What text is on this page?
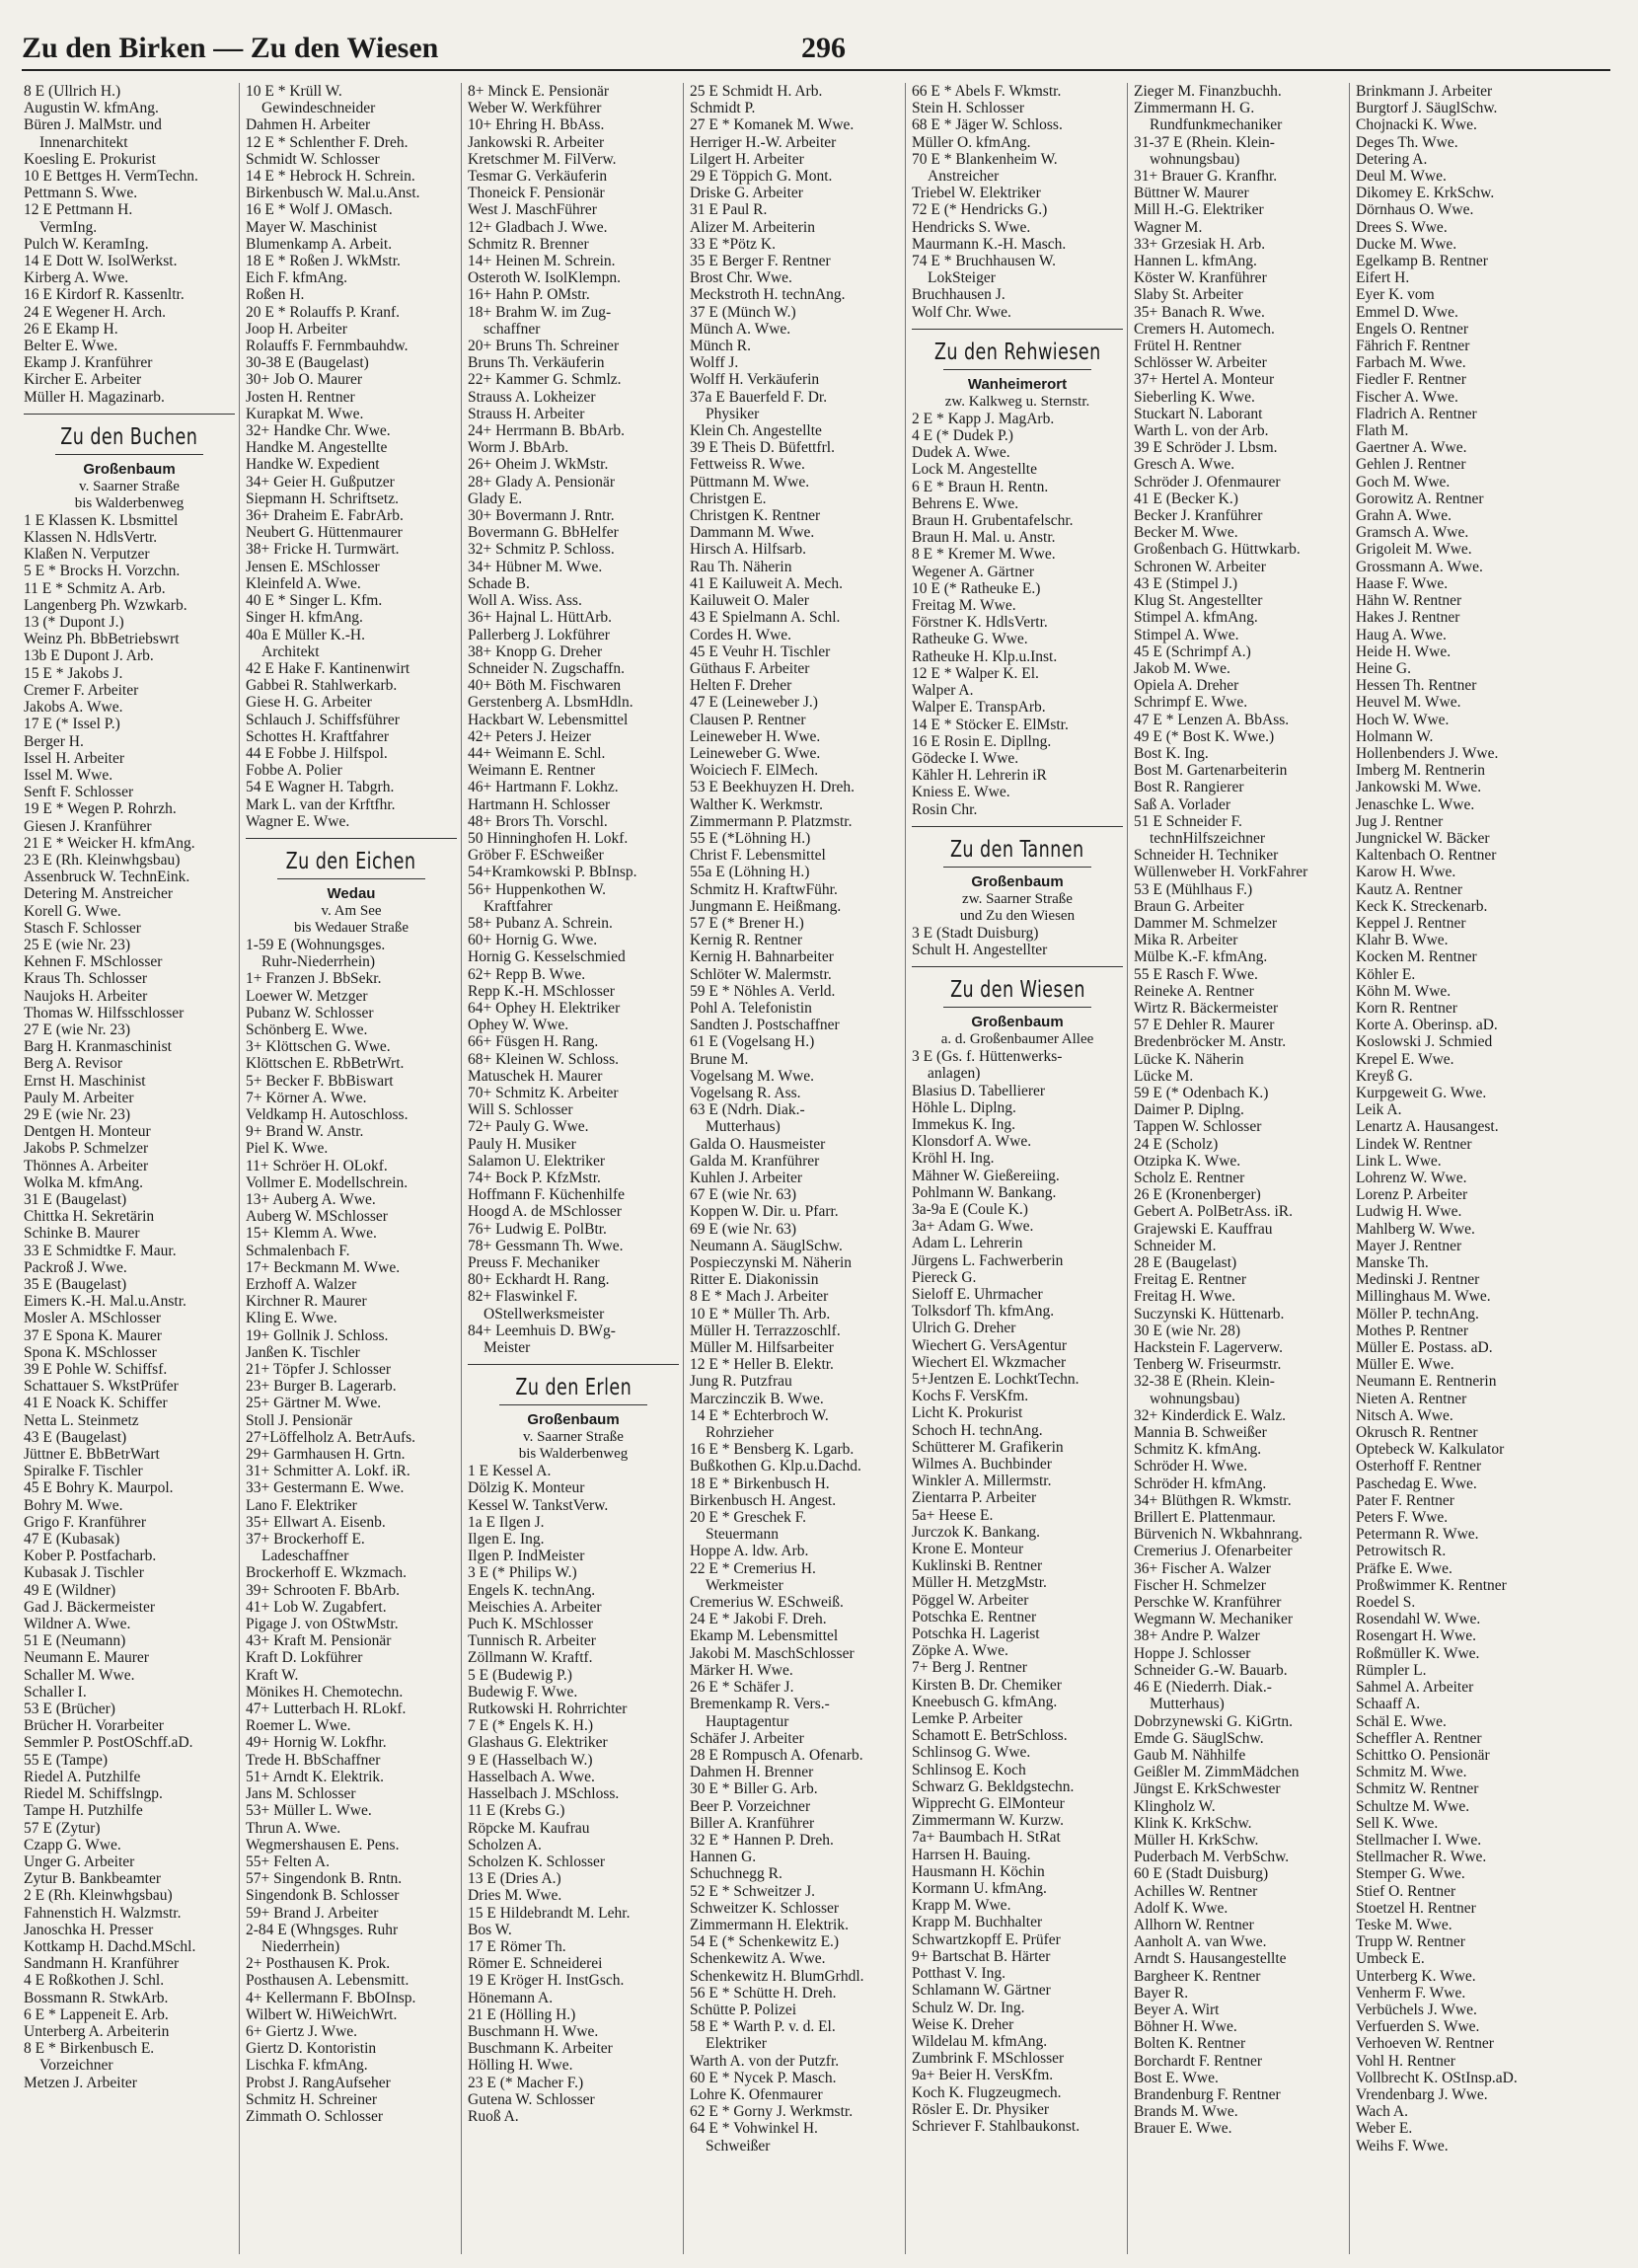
Zu den Birken — Zu den Wiesen	296
8 E (Ullrich H.)
Augustin W. kfmAng.
Büren J. MalMstr. und
Innenarchitekt
Koesling E. Prokurist
10 E Bettges H. VermTechn.
Pettmann S. Wwe.
12 E Pettmann H.
VermIng.
Pulch W. KeramIng.
14 E Dott W. IsolWerkst.
Kirberg A. Wwe.
16 E Kirdorf R. Kassenltr.
24 E Wegener H. Arch.
26 E Ekamp H.
Belter E. Wwe.
Ekamp J. Kranführer
Kircher E. Arbeiter
Müller H. Magazinarb.
Zu den Buchen
Großenbaum
v. Saarner Straße
bis Walderbenweg
1 E Klassen K. Lbsmittel
Klassen N. HdlsVertr.
Klaßen N. Verputzer
5 E * Brocks H. Vorzchn.
11 E * Schmitz A. Arb.
Langenberg Ph. Wzwkarb.
13 (* Dupont J.)
Weinz Ph. BbBetriebswrt
13b E Dupont J. Arb.
15 E * Jakobs J.
Cremer F. Arbeiter
Jakobs A. Wwe.
17 E (* Issel P.)
Berger H.
Issel H. Arbeiter
Issel M. Wwe.
Senft F. Schlosser
19 E * Wegen P. Rohrzh.
Giesen J. Kranführer
21 E * Weicker H. kfmAng.
23 E (Rh. Kleinwhgsbau)
Assenbruck W. TechnEink.
Detering M. Anstreicher
Korell G. Wwe.
Stasch F. Schlosser
25 E (wie Nr. 23)
Kehnen F. MSchlosser
Kraus Th. Schlosser
Naujoks H. Arbeiter
Thomas W. Hilfsschlosser
27 E (wie Nr. 23)
Barg H. Kranmaschinist
Berg A. Revisor
Ernst H. Maschinist
Pauly M. Arbeiter
29 E (wie Nr. 23)
Dentgen H. Monteur
Jakobs P. Schmelzer
Thönnes A. Arbeiter
Wolka M. kfmAng.
31 E (Baugelast)
Chittka H. Sekretärin
Schinke B. Maurer
33 E Schmidtke F. Maur.
Packroß J. Wwe.
35 E (Baugelast)
Eimers K.-H. Mal.u.Anstr.
Mosler A. MSchlosser
37 E Spona K. Maurer
Spona K. MSchlosser
39 E Pohle W. Schiffsf.
Schattauer S. WkstPrüfer
41 E Noack K. Schiffer
Netta L. Steinmetz
43 E (Baugelast)
Jüttner E. BbBetrWart
Spiralke F. Tischler
45 E Bohry K. Maurpol.
Bohry M. Wwe.
Grigo F. Kranführer
47 E (Kubasak)
Kober P. Postfacharb.
Kubasak J. Tischler
49 E (Wildner)
Gad J. Bäckermeister
Wildner A. Wwe.
51 E (Neumann)
Neumann E. Maurer
Schaller M. Wwe.
Schaller I.
53 E (Brücher)
Brücher H. Vorarbeiter
Semmler P. PostOSchff.aD.
55 E (Tampe)
Riedel A. Putzhilfe
Riedel M. Schiffslngp.
Tampe H. Putzhilfe
57 E (Zytur)
Czapp G. Wwe.
Unger G. Arbeiter
Zytur B. Bankbeamter
2 E (Rh. Kleinwhgsbau)
Fahnenstich H. Walzmstr.
Janoschka H. Presser
Kottkamp H. Dachd.MSchl.
Sandmann H. Kranführer
4 E Roßkothen J. Schl.
Bossmann R. StwkArb.
6 E * Lappeneit E. Arb.
Unterberg A. Arbeiterin
8 E * Birkenbusch E.
Vorzeichner
Metzen J. Arbeiter
10 E * Krüll W.
Gewindeschneider
Dahmen H. Arbeiter
12 E * Schlenther F. Dreh.
Schmidt W. Schlosser
14 E * Hebrock H. Schrein.
Birkenbusch W. Mal.u.Anst.
16 E * Wolf J. OMasch.
Mayer W. Maschinist
Blumenkamp A. Arbeit.
18 E * Roßen J. WkMstr.
Eich F. kfmAng.
Roßen H.
20 E * Rolauffs P. Kranf.
Joop H. Arbeiter
Rolauffs F. Fernmbauhdw.
30-38 E (Baugelast)
30+ Job O. Maurer
Josten H. Rentner
Kurapkat M. Wwe.
32+ Handke Chr. Wwe.
Handke M. Angestellte
Handke W. Expedient
34+ Geier H. Gußputzer
Siepmann H. Schriftsetz.
36+ Draheim E. FabrArb.
Neubert G. Hüttenmaurer
38+ Fricke H. Turmwärt.
Jensen E. MSchlosser
Kleinfeld A. Wwe.
40 E * Singer L. Kfm.
Singer H. kfmAng.
40a E Müller K.-H.
Architekt
42 E Hake F. Kantinenwirt
Gabbei R. Stahlwerkarb.
Giese H. G. Arbeiter
Schlauch J. Schiffsführer
Schottes H. Kraftfahrer
44 E Fobbe J. Hilfspol.
Fobbe A. Polier
54 E Wagner H. Tabgrh.
Mark L. van der Krftfhr.
Wagner E. Wwe.
Zu den Eichen
Wedau
v. Am See
bis Wedauer Straße
1-59 E (Wohnungsges.
Ruhr-Niederrhein)
1+ Franzen J. BbSekr.
Loewer W. Metzger
Pubanz W. Schlosser
Schönberg E. Wwe.
3+ Klöttschen G. Wwe.
Klöttschen E. RbBetrWrt.
5+ Becker F. BbBiswart
7+ Körner A. Wwe.
Veldkamp H. Autoschloss.
9+ Brand W. Anstr.
Piel K. Wwe.
11+ Schröer H. OLokf.
Vollmer E. Modellschrein.
13+ Auberg A. Wwe.
Auberg W. MSchlosser
15+ Klemm A. Wwe.
Schmalenbach F.
17+ Beckmann M. Wwe.
Erzhoff A. Walzer
Kirchner R. Maurer
Kling E. Wwe.
19+ Gollnik J. Schloss.
Janßen K. Tischler
21+ Töpfer J. Schlosser
23+ Burger B. Lagerarb.
25+ Gärtner M. Wwe.
Stoll J. Pensionär
27+Löffelholz A. BetrAufs.
29+ Garmhausen H. Grtn.
31+ Schmitter A. Lokf. iR.
33+ Gestermann E. Wwe.
Lano F. Elektriker
35+ Ellwart A. Eisenb.
37+ Brockerhoff E.
Ladeschaffner
Brockerhoff E. Wkzmach.
39+ Schrooten F. BbArb.
41+ Lob W. Zugabfert.
Pigage J. von OStwMstr.
43+ Kraft M. Pensionär
Kraft D. Lokführer
Kraft W.
Mönikes H. Chemotechn.
47+ Lutterbach H. RLokf.
Roemer L. Wwe.
49+ Hornig W. Lokfhr.
Trede H. BbSchaffner
51+ Arndt K. Elektrik.
Jans M. Schlosser
53+ Müller L. Wwe.
Thrun A. Wwe.
Wegmershausen E. Pens.
55+ Felten A.
57+ Singendonk B. Rntn.
Singendonk B. Schlosser
59+ Brand J. Arbeiter
2-84 E (Whngsges. Ruhr
Niederrhein)
2+ Posthausen K. Prok.
Posthausen A. Lebensmitt.
4+ Kellermann F. BbOInsp.
Wilbert W. HiWeichWrt.
6+ Giertz J. Wwe.
Giertz D. Kontoristin
Lischka F. kfmAng.
Probst J. RangAufseher
Schmitz H. Schreiner
Zimmath O. Schlosser
8+ Minck E. Pensionär
Weber W. Werkführer
10+ Ehring H. BbAss.
Jankowski R. Arbeiter
Kretschmer M. FilVerw.
Tesmar G. Verkäuferin
Thoneick F. Pensionär
West J. MaschFührer
12+ Gladbach J. Wwe.
Schmitz R. Brenner
14+ Heinen M. Schrein.
Osteroth W. IsolKlempn.
16+ Hahn P. OMstr.
18+ Brahm W. im Zug-
schaffner
20+ Bruns Th. Schreiner
Bruns Th. Verkäuferin
22+ Kammer G. Schmlz.
Strauss A. Lokheizer
Strauss H. Arbeiter
24+ Herrmann B. BbArb.
Worm J. BbArb.
26+ Oheim J. WkMstr.
28+ Glady A. Pensionär
Glady E.
30+ Bovermann J. Rntr.
Bovermann G. BbHelfer
32+ Schmitz P. Schloss.
34+ Hübner M. Wwe.
Schade B.
Woll A. Wiss. Ass.
36+ Hajnal L. HüttArb.
Pallerberg J. Lokführer
38+ Knopp G. Dreher
Schneider N. Zugschaffn.
40+ Böth M. Fischwaren
Gerstenberg A. LbsmHdln.
Hackbart W. Lebensmittel
42+ Peters J. Heizer
44+ Weimann E. Schl.
Weimann E. Rentner
46+ Hartmann F. Lokhz.
Hartmann H. Schlosser
48+ Brors Th. Vorschl.
50 Hinninghofen H. Lokf.
Gröber F. ESchweißer
54+Kramkowski P. BbInsp.
56+ Huppenkothen W.
Kraftfahrer
58+ Pubanz A. Schrein.
60+ Hornig G. Wwe.
Hornig G. Kesselschmied
62+ Repp B. Wwe.
Repp K.-H. MSchlosser
64+ Ophey H. Elektriker
Ophey W. Wwe.
66+ Füsgen H. Rang.
68+ Kleinen W. Schloss.
Matuschek H. Maurer
70+ Schmitz K. Arbeiter
Will S. Schlosser
72+ Pauly G. Wwe.
Pauly H. Musiker
Salamon U. Elektriker
74+ Bock P. KfzMstr.
Hoffmann F. Küchenhilfe
Hoogd A. de MSchlosser
76+ Ludwig E. PolBtr.
78+ Gessmann Th. Wwe.
Preuss F. Mechaniker
80+ Eckhardt H. Rang.
82+ Flaswinkel F.
OStellwerksmeister
84+ Leemhuis D. BWg-
Meister
Zu den Erlen
Großenbaum
v. Saarner Straße
bis Walderbenweg
1 E Kessel A.
Dölzig K. Monteur
Kessel W. TankstVerw.
1a E Ilgen J.
Ilgen E. Ing.
Ilgen P. IndMeister
3 E (* Philips W.)
Engels K. technAng.
Meischies A. Arbeiter
Puch K. MSchlosser
Tunnisch R. Arbeiter
Zöllmann W. Kraftf.
5 E (Budewig P.)
Budewig F. Wwe.
Rutkowski H. Rohrrichter
7 E (* Engels K. H.)
Glashaus G. Elektriker
9 E (Hasselbach W.)
Hasselbach A. Wwe.
Hasselbach J. MSchloss.
11 E (Krebs G.)
Röpcke M. Kaufrau
Scholzen A.
Scholzen K. Schlosser
13 E (Dries A.)
Dries M. Wwe.
15 E Hildebrandt M. Lehr.
Bos W.
17 E Römer Th.
Römer E. Schneiderei
19 E Kröger H. InstGsch.
Hönemann A.
21 E (Hölling H.)
Buschmann H. Wwe.
Buschmann K. Arbeiter
Hölling H. Wwe.
23 E (* Macher F.)
Gutena W. Schlosser
Ruoß A.
25 E Schmidt H. Arb.
Schmidt P.
27 E * Komanek M. Wwe.
Herriger H.-W. Arbeiter
Lilgert H. Arbeiter
29 E Töppich G. Mont.
Driske G. Arbeiter
31 E Paul R.
Alizer M. Arbeiterin
33 E *Pötz K.
35 E Berger F. Rentner
Brost Chr. Wwe.
Meckstroth H. technAng.
37 E (Münch W.)
Münch A. Wwe.
Münch R.
Wolff J.
Wolff H. Verkäuferin
37a E Bauerfeld F. Dr.
Physiker
Klein Ch. Angestellte
39 E Theis D. Büfettfrl.
Fettweiss R. Wwe.
Püttmann M. Wwe.
Christgen E.
Christgen K. Rentner
Dammann M. Wwe.
Hirsch A. Hilfsarb.
Rau Th. Näherin
41 E Kailuweit A. Mech.
Kailuweit O. Maler
43 E Spielmann A. Schl.
Cordes H. Wwe.
45 E Veuhr H. Tischler
Güthaus F. Arbeiter
Helten F. Dreher
47 E (Leineweber J.)
Clausen P. Rentner
Leineweber H. Wwe.
Leineweber G. Wwe.
Woiciech F. ElMech.
53 E Beekhuyzen H. Dreh.
Walther K. Werkmstr.
Zimmermann P. Platzmstr.
55 E (*Löhning H.)
Christ F. Lebensmittel
55a E (Löhning H.)
Schmitz H. KraftwFühr.
Jungmann E. Heißmang.
57 E (* Brener H.)
Kernig R. Rentner
Kernig H. Bahnarbeiter
Schlöter W. Malermstr.
59 E * Nöhles A. Verld.
Pohl A. Telefonistin
Sandten J. Postschaffner
61 E (Vogelsang H.)
Brune M.
Vogelsang M. Wwe.
Vogelsang R. Ass.
63 E (Ndrh. Diak.-
Mutterhaus)
Galda O. Hausmeister
Galda M. Kranführer
Kuhlen J. Arbeiter
67 E (wie Nr. 63)
Koppen W. Dir. u. Pfarr.
69 E (wie Nr. 63)
Neumann A. SäuglSchw.
Pospieczynski M. Näherin
Ritter E. Diakonissin
8 E * Mach J. Arbeiter
10 E * Müller Th. Arb.
Müller H. Terrazzoschlf.
Müller M. Hilfsarbeiter
12 E * Heller B. Elektr.
Jung R. Putzfrau
Marczinczik B. Wwe.
14 E * Echterbroch W.
Rohrzieher
16 E * Bensberg K. Lgarb.
Bußkothen G. Klp.u.Dachd.
18 E * Birkenbusch H.
Birkenbusch H. Angest.
20 E * Greschek F.
Steuermann
Hoppe A. ldw. Arb.
22 E * Cremerius H.
Werkmeister
Cremerius W. ESchweiß.
24 E * Jakobi F. Dreh.
Ekamp M. Lebensmittel
Jakobi M. MaschSchlosser
Märker H. Wwe.
26 E * Schäfer J.
Bremenkamp R. Vers.-
Hauptagentur
Schäfer J. Arbeiter
28 E Rompusch A. Ofenarb.
Dahmen H. Brenner
30 E * Biller G. Arb.
Beer P. Vorzeichner
Biller A. Kranführer
32 E * Hannen P. Dreh.
Hannen G.
Schuchnegg R.
52 E * Schweitzer J.
Schweitzer K. Schlosser
Zimmermann H. Elektrik.
54 E (* Schenkewitz E.)
Schenkewitz A. Wwe.
Schenkewitz H. BlumGrhdl.
56 E * Schütte H. Dreh.
Schütte P. Polizei
58 E * Warth P. v. d. El.
Elektriker
Warth A. von der Putzfr.
60 E * Nycek P. Masch.
Lohre K. Ofenmaurer
62 E * Gorny J. Werkmstr.
64 E * Vohwinkel H.
Schweißer
66 E * Abels F. Wkmstr.
Stein H. Schlosser
68 E * Jäger W. Schloss.
Müller O. kfmAng.
70 E * Blankenheim W.
Anstreicher
Triebel W. Elektriker
72 E (* Hendricks G.)
Hendricks S. Wwe.
Maurmann K.-H. Masch.
74 E * Bruchhausen W.
LokSteiger
Bruchhausen J.
Wolf Chr. Wwe.
Zu den Rehwiesen
Wanheimerort
zw. Kalkweg u. Sternstr.
2 E * Kapp J. MagArb.
4 E (* Dudek P.)
Dudek A. Wwe.
Lock M. Angestellte
6 E * Braun H. Rentn.
Behrens E. Wwe.
Braun H. Grubentafelschr.
Braun H. Mal. u. Anstr.
8 E * Kremer M. Wwe.
Wegener A. Gärtner
10 E (* Ratheuke E.)
Freitag M. Wwe.
Förstner K. HdlsVertr.
Ratheuke G. Wwe.
Ratheuke H. Klp.u.Inst.
12 E * Walper K. El.
Walper A.
Walper E. TranspArb.
14 E * Stöcker E. ElMstr.
16 E Rosin E. Dipllng.
Gödecke I. Wwe.
Kähler H. Lehrerin iR
Kniess E. Wwe.
Rosin Chr.
Zu den Tannen
Großenbaum
zw. Saarner Straße
und Zu den Wiesen
3 E (Stadt Duisburg)
Schult H. Angestellter
Zu den Wiesen
Großenbaum
a. d. Großenbaumer Allee
3 E (Gs. f. Hüttenwerks-
anlagen)
Blasius D. Tabellierer
Höhle L. Diplng.
Immekus K. Ing.
Klonsdorf A. Wwe.
Kröhl H. Ing.
Mähner W. Gießereiing.
Pohlmann W. Bankang.
3a-9a E (Coule K.)
3a+ Adam G. Wwe.
Adam L. Lehrerin
Jürgens L. Fachwerberin
Piereck G.
Sieloff E. Uhrmacher
Tolksdorf Th. kfmAng.
Ulrich G. Dreher
Wiechert G. VersAgentur
Wiechert El. Wkzmacher
5+Jentzen E. LochktTechn.
Kochs F. VersKfm.
Licht K. Prokurist
Schoch H. technAng.
Schütterer M. Grafikerin
Wilmes A. Buchbinder
Winkler A. Millermstr.
Zientarra P. Arbeiter
5a+ Heese E.
Jurczok K. Bankang.
Krone E. Monteur
Kuklinski B. Rentner
Müller H. MetzgMstr.
Pöggel W. Arbeiter
Potschka E. Rentner
Potschka H. Lagerist
Zöpke A. Wwe.
7+ Berg J. Rentner
Kirsten B. Dr. Chemiker
Kneebusch G. kfmAng.
Lemke P. Arbeiter
Schamott E. BetrSchloss.
Schlinsog G. Wwe.
Schlinsog E. Koch
Schwarz G. Bekldgstechn.
Wipprecht G. ElMonteur
Zimmermann W. Kurzw.
7a+ Baumbach H. StRat
Harrsen H. Bauing.
Hausmann H. Köchin
Kormann U. kfmAng.
Krapp M. Wwe.
Krapp M. Buchhalter
Schwartzkopff E. Prüfer
9+ Bartschat B. Härter
Potthast V. Ing.
Schlamann W. Gärtner
Schulz W. Dr. Ing.
Weise K. Dreher
Wildelau M. kfmAng.
Zumbrink F. MSchlosser
9a+ Beier H. VersKfm.
Koch K. Flugzeugmech.
Rösler E. Dr. Physiker
Schriever F. Stahlbaukonst.
Zieger M. Finanzbuchh.
Zimmermann H. G.
Rundfunkmechaniker
31-37 E (Rhein. Klein-
wohnungsbau)
31+ Brauer G. Kranfhr.
Büttner W. Maurer
Mill H.-G. Elektriker
Wagner M.
33+ Grzesiak H. Arb.
Hannen L. kfmAng.
Köster W. Kranführer
Slaby St. Arbeiter
35+ Banach R. Wwe.
Cremers H. Automech.
Frütel H. Rentner
Schlösser W. Arbeiter
37+ Hertel A. Monteur
Sieberling K. Wwe.
Stuckart N. Laborant
Warth L. von der Arb.
39 E Schröder J. Lbsm.
Gresch A. Wwe.
Schröder J. Ofenmaurer
41 E (Becker K.)
Becker J. Kranführer
Becker M. Wwe.
Großenbach G. Hüttwkarb.
Schronen W. Arbeiter
43 E (Stimpel J.)
Klug St. Angestellter
Stimpel A. kfmAng.
Stimpel A. Wwe.
45 E (Schrimpf A.)
Jakob M. Wwe.
Opiela A. Dreher
Schrimpf E. Wwe.
47 E * Lenzen A. BbAss.
49 E (* Bost K. Wwe.)
Bost K. Ing.
Bost M. Gartenarbeiterin
Bost R. Rangierer
Saß A. Vorlader
51 E Schneider F.
technHilfszeichner
Schneider H. Techniker
Wüllenweber H. VorkFahrer
53 E (Mühlhaus F.)
Braun G. Arbeiter
Dammer M. Schmelzer
Mika R. Arbeiter
Mülbe K.-F. kfmAng.
55 E Rasch F. Wwe.
Reineke A. Rentner
Wirtz R. Bäckermeister
57 E Dehler R. Maurer
Bredenbröcker M. Anstr.
Lücke K. Näherin
Lücke M.
59 E (* Odenbach K.)
Daimer P. Diplng.
Tappen W. Schlosser
24 E (Scholz)
Otzipka K. Wwe.
Scholz E. Rentner
26 E (Kronenberger)
Gebert A. PolBetrAss. iR.
Grajewski E. Kauffrau
Schneider M.
28 E (Baugelast)
Freitag E. Rentner
Freitag H. Wwe.
Suczynski K. Hüttenarb.
30 E (wie Nr. 28)
Hackstein F. Lagerverw.
Tenberg W. Friseurmstr.
32-38 E (Rhein. Klein-
wohnungsbau)
32+ Kinderdick E. Walz.
Mannia B. Schweißer
Schmitz K. kfmAng.
Schröder H. Wwe.
Schröder H. kfmAng.
34+ Blüthgen R. Wkmstr.
Brillert E. Plattenmaur.
Bürvenich N. Wkbahnrang.
Cremerius J. Ofenarbeiter
36+ Fischer A. Walzer
Fischer H. Schmelzer
Perschke W. Kranführer
Wegmann W. Mechaniker
38+ Andre P. Walzer
Hoppe J. Schlosser
Schneider G.-W. Bauarb.
46 E (Niederrh. Diak.-
Mutterhaus)
Dobrzynewski G. KiGrtn.
Emde G. SäuglSchw.
Gaub M. Nähhilfe
Geißler M. ZimmMädchen
Jüngst E. KrkSchwester
Klingholz W.
Klink K. KrkSchw.
Müller H. KrkSchw.
Puderbach M. VerbSchw.
60 E (Stadt Duisburg)
Achilles W. Rentner
Adolf K. Wwe.
Allhorn W. Rentner
Aanholt A. van Wwe.
Arndt S. Hausangestellte
Bargheer K. Rentner
Bayer R.
Beyer A. Wirt
Böhner H. Wwe.
Bolten K. Rentner
Borchardt F. Rentner
Bost E. Wwe.
Brandenburg F. Rentner
Brands M. Wwe.
Brauer E. Wwe.
Brinkmann J. Arbeiter
Burgtorf J. SäuglSchw.
Chojnacki K. Wwe.
Deges Th. Wwe.
Detering A.
Deul M. Wwe.
Dikomey E. KrkSchw.
Dörnhaus O. Wwe.
Drees S. Wwe.
Ducke M. Wwe.
Egelkamp B. Rentner
Eifert H.
Eyer K. vom
Emmel D. Wwe.
Engels O. Rentner
Fährich F. Rentner
Farbach M. Wwe.
Fiedler F. Rentner
Fischer A. Wwe.
Fladrich A. Rentner
Flath M.
Gaertner A. Wwe.
Gehlen J. Rentner
Goch M. Wwe.
Gorowitz A. Rentner
Grahn A. Wwe.
Gramsch A. Wwe.
Grigoleit M. Wwe.
Grossmann A. Wwe.
Haase F. Wwe.
Hähn W. Rentner
Hakes J. Rentner
Haug A. Wwe.
Heide H. Wwe.
Heine G.
Hessen Th. Rentner
Heuvel M. Wwe.
Hoch W. Wwe.
Holmann W.
Hollenbenders J. Wwe.
Imberg M. Rentnerin
Jankowski M. Wwe.
Jenaschke L. Wwe.
Jug J. Rentner
Jungnickel W. Bäcker
Kaltenbach O. Rentner
Karow H. Wwe.
Kautz A. Rentner
Keck K. Streckenarb.
Keppel J. Rentner
Klahr B. Wwe.
Kocken M. Rentner
Köhler E.
Köhn M. Wwe.
Korn R. Rentner
Korte A. Oberinsp. aD.
Koslowski J. Schmied
Krepel E. Wwe.
Kreyß G.
Kurpgeweit G. Wwe.
Leik A.
Lenartz A. Hausangest.
Lindek W. Rentner
Link L. Wwe.
Lohrenz W. Wwe.
Lorenz P. Arbeiter
Ludwig H. Wwe.
Mahlberg W. Wwe.
Mayer J. Rentner
Manske Th.
Medinski J. Rentner
Millinghaus M. Wwe.
Möller P. technAng.
Mothes P. Rentner
Müller E. Postass. aD.
Müller E. Wwe.
Neumann E. Rentnerin
Nieten A. Rentner
Nitsch A. Wwe.
Okrusch R. Rentner
Optebeck W. Kalkulator
Osterhoff F. Rentner
Paschedag E. Wwe.
Pater F. Rentner
Peters F. Wwe.
Petermann R. Wwe.
Petrowitsch R.
Präfke E. Wwe.
Proßwimmer K. Rentner
Roedel S.
Rosendahl W. Wwe.
Rosengart H. Wwe.
Roßmüller K. Wwe.
Rümpler L.
Sahmel A. Arbeiter
Schaaff A.
Schäl E. Wwe.
Scheffler A. Rentner
Schittko O. Pensionär
Schmitz M. Wwe.
Schmitz W. Rentner
Schultze M. Wwe.
Sell K. Wwe.
Stellmacher I. Wwe.
Stellmacher R. Wwe.
Stemper G. Wwe.
Stief O. Rentner
Stoetzel H. Rentner
Teske M. Wwe.
Trupp W. Rentner
Umbeck E.
Unterberg K. Wwe.
Venherm F. Wwe.
Verbüchels J. Wwe.
Verfuerden S. Wwe.
Verhoeven W. Rentner
Vohl H. Rentner
Vollbrecht K. OStInsp.aD.
Vrendenbarg J. Wwe.
Wach A.
Weber E.
Weihs F. Wwe.
